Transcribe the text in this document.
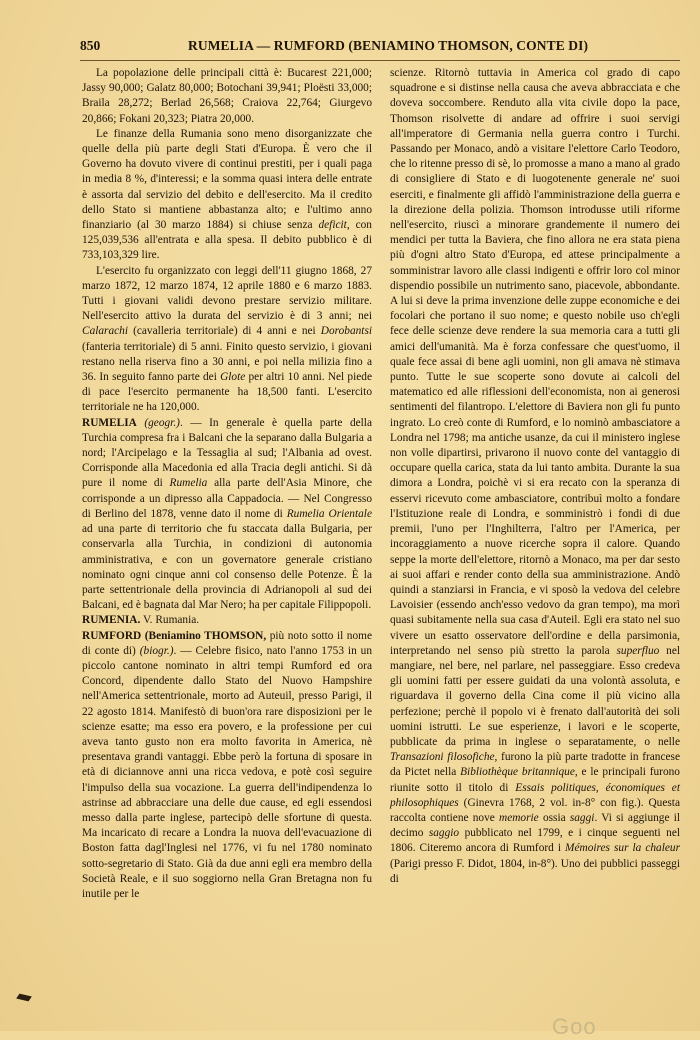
850	RUMELIA — RUMFORD (BENIAMINO THOMSON, CONTE DI)

La popolazione delle principali città è: Bucarest 221,000; Jassy 90,000; Galatz 80,000; Botochani 39,941; Ploësti 33,000; Braila 28,272; Berlad 26,568; Craiova 22,764; Giurgevo 20,866; Fokani 20,323; Piatra 20,000.

Le finanze della Rumania sono meno disorganizzate che quelle della più parte degli Stati d'Europa. È vero che il Governo ha dovuto vivere di continui prestiti, per i quali paga in media 8 %, d'interessi; e la somma quasi intera delle entrate è assorta dal servizio del debito e dell'esercito. Ma il credito dello Stato si mantiene abbastanza alto; e l'ultimo anno finanziario (al 30 marzo 1884) si chiuse senza deficit, con 125,039,536 all'entrata e alla spesa. Il debito pubblico è di 733,103,329 lire.

L'esercito fu organizzato con leggi dell'11 giugno 1868, 27 marzo 1872, 12 marzo 1874, 12 aprile 1880 e 6 marzo 1883. Tutti i giovani validi devono prestare servizio militare. Nell'esercito attivo la durata del servizio è di 3 anni; nei Calarachi (cavalleria territoriale) di 4 anni e nei Dorobantsi (fanteria territoriale) di 5 anni. Finito questo servizio, i giovani restano nella riserva fino a 30 anni, e poi nella milizia fino a 36. In seguito fanno parte dei Glote per altri 10 anni. Nel piede di pace l'esercito permanente ha 18,500 fanti. L'esercito territoriale ne ha 120,000.

RUMELIA (geogr.). — In generale è quella parte della Turchia compresa fra i Balcani che la separano dalla Bulgaria a nord; l'Arcipelago e la Tessaglia al sud; l'Albania ad ovest. Corrisponde alla Macedonia ed alla Tracia degli antichi. Si dà pure il nome di Rumelia alla parte dell'Asia Minore, che corrisponde a un dipresso alla Cappadocia. — Nel Congresso di Berlino del 1878, venne dato il nome di Rumelia Orientale ad una parte di territorio che fu staccata dalla Bulgaria, per conservarla alla Turchia, in condizioni di autonomia amministrativa, e con un governatore generale cristiano nominato ogni cinque anni col consenso delle Potenze. È la parte settentrionale della provincia di Adrianopoli al sud dei Balcani, ed è bagnata dal Mar Nero; ha per capitale Filippopoli.

RUMENIA. V. Rumania.

RUMFORD (Beniamino THOMSON, più noto sotto il nome di conte di) (biogr.). — Celebre fisico, nato l'anno 1753 in un piccolo cantone nominato in altri tempi Rumford ed ora Concord, dipendente dallo Stato del Nuovo Hampshire nell'America settentrionale, morto ad Auteuil, presso Parigi, il 22 agosto 1814. Manifestò di buon'ora rare disposizioni per le scienze esatte; ma esso era povero, e la professione per cui aveva tanto gusto non era molto favorita in America, nè presentava grandi vantaggi. Ebbe però la fortuna di sposare in età di diciannove anni una ricca vedova, e potè così seguire l'impulso della sua vocazione. La guerra dell'indipendenza lo astrinse ad abbracciare una delle due cause, ed egli essendosi messo dalla parte inglese, partecipò delle sfortune di questa. Ma incaricato di recare a Londra la nuova dell'evacuazione di Boston fatta dagl'Inglesi nel 1776, vi fu nel 1780 nominato sotto-segretario di Stato. Già da due anni egli era membro della Società Reale, e il suo soggiorno nella Gran Bretagna non fu inutile per le

scienze. Ritornò tuttavia in America col grado di capo squadrone e si distinse nella causa che aveva abbracciata e che doveva soccombere. Renduto alla vita civile dopo la pace, Thomson risolvette di andare ad offrire i suoi servigi all'imperatore di Germania nella guerra contro i Turchi. Passando per Monaco, andò a visitare l'elettore Carlo Teodoro, che lo ritenne presso di sè, lo promosse a mano a mano al grado di consigliere di Stato e di luogotenente generale ne' suoi eserciti, e finalmente gli affidò l'amministrazione della guerra e la direzione della polizia. Thomson introdusse utili riforme nell'esercito, riuscì a minorare grandemente il numero dei mendici per tutta la Baviera, che fino allora ne era stata piena più d'ogni altro Stato d'Europa, ed attese principalmente a somministrar lavoro alle classi indigenti e offrir loro col minor dispendio possibile un nutrimento sano, piacevole, abbondante. A lui si deve la prima invenzione delle zuppe economiche e dei focolari che portano il suo nome; e questo nobile uso ch'egli fece delle scienze deve rendere la sua memoria cara a tutti gli amici dell'umanità. Ma è forza confessare che quest'uomo, il quale fece assai di bene agli uomini, non gli amava nè stimava punto. Tutte le sue scoperte sono dovute ai calcoli del matematico ed alle riflessioni dell'economista, non ai generosi sentimenti del filantropo. L'elettore di Baviera non gli fu punto ingrato. Lo creò conte di Rumford, e lo nominò ambasciatore a Londra nel 1798; ma antiche usanze, da cui il ministero inglese non volle dipartirsi, privarono il nuovo conte del vantaggio di occupare quella carica, stata da lui tanto ambita. Durante la sua dimora a Londra, poichè vi si era recato con la speranza di esservi ricevuto come ambasciatore, contribuì molto a fondare l'Istituzione reale di Londra, e somministrò i fondi di due premii, l'uno per l'Inghilterra, l'altro per l'America, per incoraggiamento a nuove ricerche sopra il calore. Quando seppe la morte dell'elettore, ritornò a Monaco, ma per dar sesto ai suoi affari e render conto della sua amministrazione. Andò quindi a stanziarsi in Francia, e vi sposò la vedova del celebre Lavoisier (essendo anch'esso vedovo da gran tempo), ma morì quasi subitamente nella sua casa d'Auteil. Egli era stato nel suo vivere un esatto osservatore dell'ordine e della parsimonia, interpretando nel senso più stretto la parola superfluo nel mangiare, nel bere, nel parlare, nel passeggiare. Esso credeva gli uomini fatti per essere guidati da una volontà assoluta, e riguardava il governo della Cina come il più vicino alla perfezione; perchè il popolo vi è frenato dall'autorità dei soli uomini istrutti. Le sue esperienze, i lavori e le scoperte, pubblicate da prima in inglese o separatamente, o nelle Transazioni filosofiche, furono la più parte tradotte in francese da Pictet nella Bibliothèque britannique, e le principali furono riunite sotto il titolo di Essais politiques, économiques et philosophiques (Ginevra 1768, 2 vol. in-8° con fig.). Questa raccolta contiene nove memorie ossia saggi. Vi si aggiunge il decimo saggio pubblicato nel 1799, e i cinque seguenti nel 1806. Citeremo ancora di Rumford i Mémoires sur la chaleur (Parigi presso F. Didot, 1804, in-8°). Uno dei pubblici passeggi di

Goo
